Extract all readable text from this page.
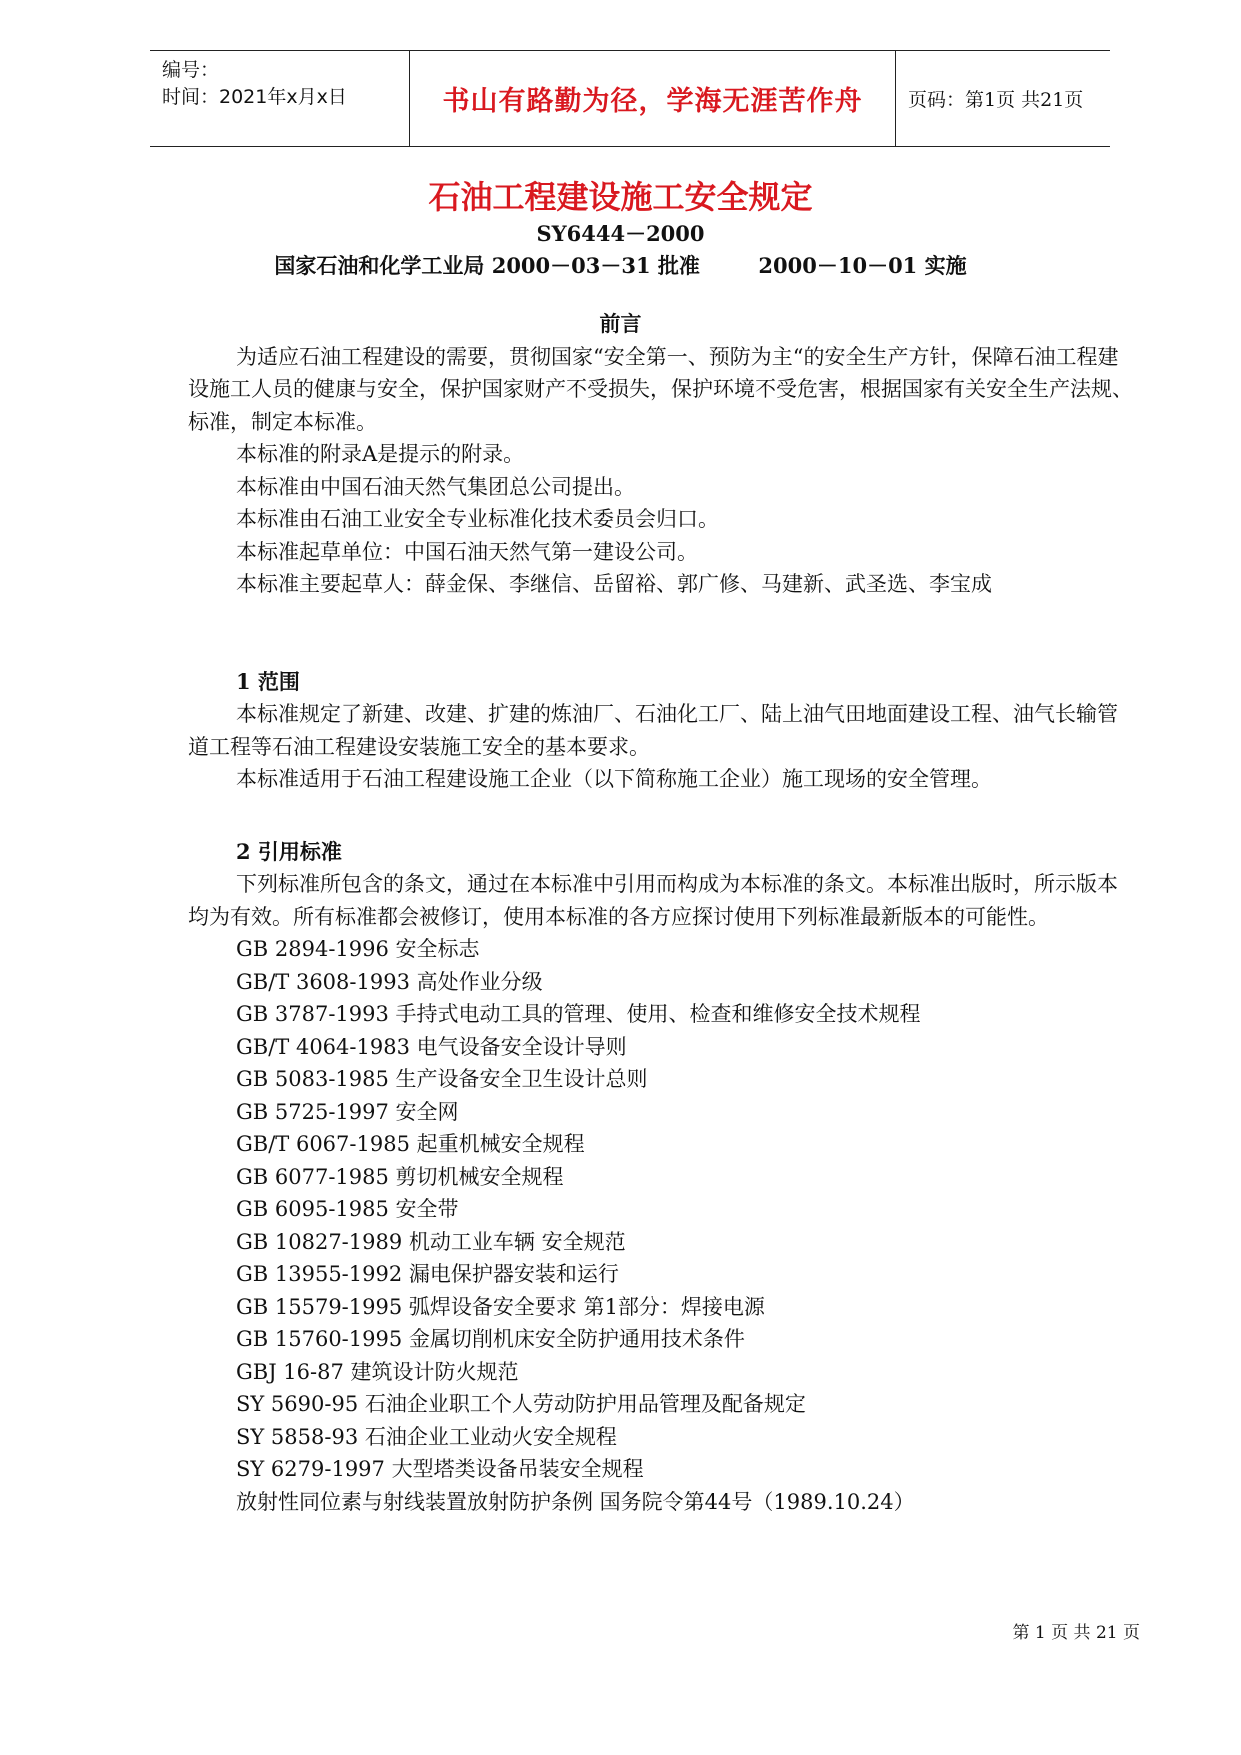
编号：
时间：2021年x月x日	书山有路勤为径，学海无涯苦作舟	页码：第1页 共21页
石油工程建设施工安全规定
SY6444－2000
国家石油和化学工业局 2000－03－31 批准        2000－10－01 实施

前言

为适应石油工程建设的需要，贯彻国家“安全第一、预防为主“的安全生产方针，保障石油工程建设施工人员的健康与安全，保护国家财产不受损失，保护环境不受危害，根据国家有关安全生产法规、标准，制定本标准。

本标准的附录A是提示的附录。

本标准由中国石油天然气集团总公司提出。

本标准由石油工业安全专业标准化技术委员会归口。

本标准起草单位：中国石油天然气第一建设公司。

本标准主要起草人：薛金保、李继信、岳留裕、郭广修、马建新、武圣选、李宝成

1 范围

本标准规定了新建、改建、扩建的炼油厂、石油化工厂、陆上油气田地面建设工程、油气长输管道工程等石油工程建设安装施工安全的基本要求。

本标准适用于石油工程建设施工企业（以下简称施工企业）施工现场的安全管理。

2 引用标准

下列标准所包含的条文，通过在本标准中引用而构成为本标准的条文。本标准出版时，所示版本均为有效。所有标准都会被修订，使用本标准的各方应探讨使用下列标准最新版本的可能性。

GB 2894-1996 安全标志

GB/T 3608-1993 高处作业分级

GB 3787-1993 手持式电动工具的管理、使用、检查和维修安全技术规程

GB/T 4064-1983 电气设备安全设计导则

GB 5083-1985 生产设备安全卫生设计总则

GB 5725-1997 安全网

GB/T 6067-1985 起重机械安全规程

GB 6077-1985 剪切机械安全规程

GB 6095-1985 安全带

GB 10827-1989 机动工业车辆 安全规范

GB 13955-1992 漏电保护器安装和运行

GB 15579-1995 弧焊设备安全要求 第1部分：焊接电源

GB 15760-1995 金属切削机床安全防护通用技术条件

GBJ 16-87 建筑设计防火规范

SY 5690-95 石油企业职工个人劳动防护用品管理及配备规定

SY 5858-93 石油企业工业动火安全规程

SY 6279-1997 大型塔类设备吊装安全规程

放射性同位素与射线装置放射防护条例 国务院令第44号（1989.10.24）

第 1 页 共 21 页
